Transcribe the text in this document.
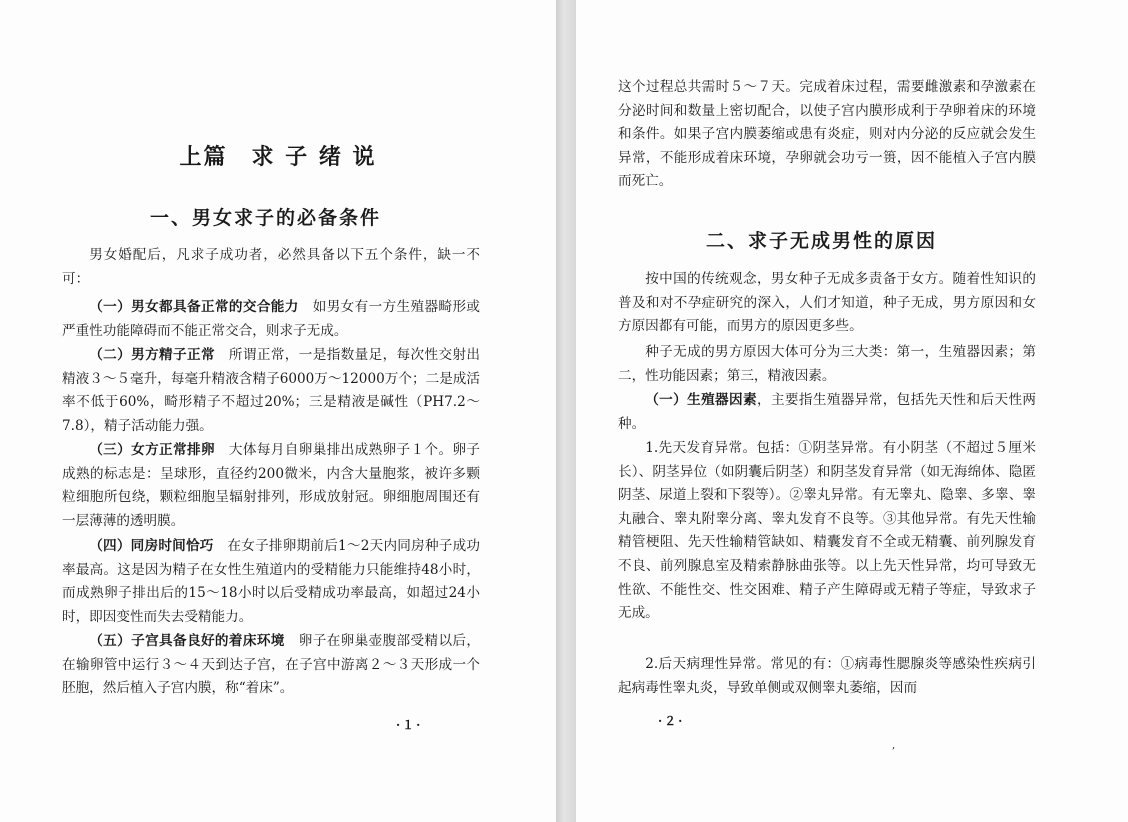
上篇　求 子 绪 说
一、男女求子的必备条件
男女婚配后，凡求子成功者，必然具备以下五个条件，缺一不可：
（一）男女都具备正常的交合能力　如男女有一方生殖器畸形或严重性功能障碍而不能正常交合，则求子无成。
（二）男方精子正常　所谓正常，一是指数量足，每次性交射出精液３～５毫升，每毫升精液含精子6000万～12000万个；二是成活率不低于60%，畸形精子不超过20%；三是精液是碱性（PH7.2～7.8），精子活动能力强。
（三）女方正常排卵　大体每月自卵巢排出成熟卵子１个。卵子成熟的标志是：呈球形，直径约200微米，内含大量胞浆，被许多颗粒细胞所包绕，颗粒细胞呈辐射排列，形成放射冠。卵细胞周围还有一层薄薄的透明膜。
（四）同房时间恰巧　在女子排卵期前后1～2天内同房种子成功率最高。这是因为精子在女性生殖道内的受精能力只能维持48小时，而成熟卵子排出后的15～18小时以后受精成功率最高，如超过24小时，即因变性而失去受精能力。
（五）子宫具备良好的着床环境　卵子在卵巢壶腹部受精以后，在输卵管中运行３～４天到达子宫，在子宫中游离２～３天形成一个胚胞，然后植入子宫内膜，称“着床”。
·１·
这个过程总共需时５～７天。完成着床过程，需要雌激素和孕激素在分泌时间和数量上密切配合，以使子宫内膜形成利于孕卵着床的环境和条件。如果子宫内膜萎缩或患有炎症，则对内分泌的反应就会发生异常，不能形成着床环境，孕卵就会功亏一篑，因不能植入子宫内膜而死亡。
二、求子无成男性的原因
按中国的传统观念，男女种子无成多责备于女方。随着性知识的普及和对不孕症研究的深入，人们才知道，种子无成，男方原因和女方原因都有可能，而男方的原因更多些。
种子无成的男方原因大体可分为三大类：第一，生殖器因素；第二，性功能因素；第三，精液因素。
（一）生殖器因素，主要指生殖器异常，包括先天性和后天性两种。
1.先天发育异常。包括：①阴茎异常。有小阴茎（不超过５厘米长）、阴茎异位（如阴囊后阴茎）和阴茎发育异常（如无海绵体、隐匿阴茎、尿道上裂和下裂等）。②睾丸异常。有无睾丸、隐睾、多睾、睾丸融合、睾丸附睾分离、睾丸发育不良等。③其他异常。有先天性输精管梗阻、先天性输精管缺如、精囊发育不全或无精囊、前列腺发育不良、前列腺息室及精索静脉曲张等。以上先天性异常，均可导致无性欲、不能性交、性交困难、精子产生障碍或无精子等症，导致求子无成。
2.后天病理性异常。常见的有：①病毒性腮腺炎等感染性疾病引起病毒性睾丸炎，导致单侧或双侧睾丸萎缩，因而
·２·
,
